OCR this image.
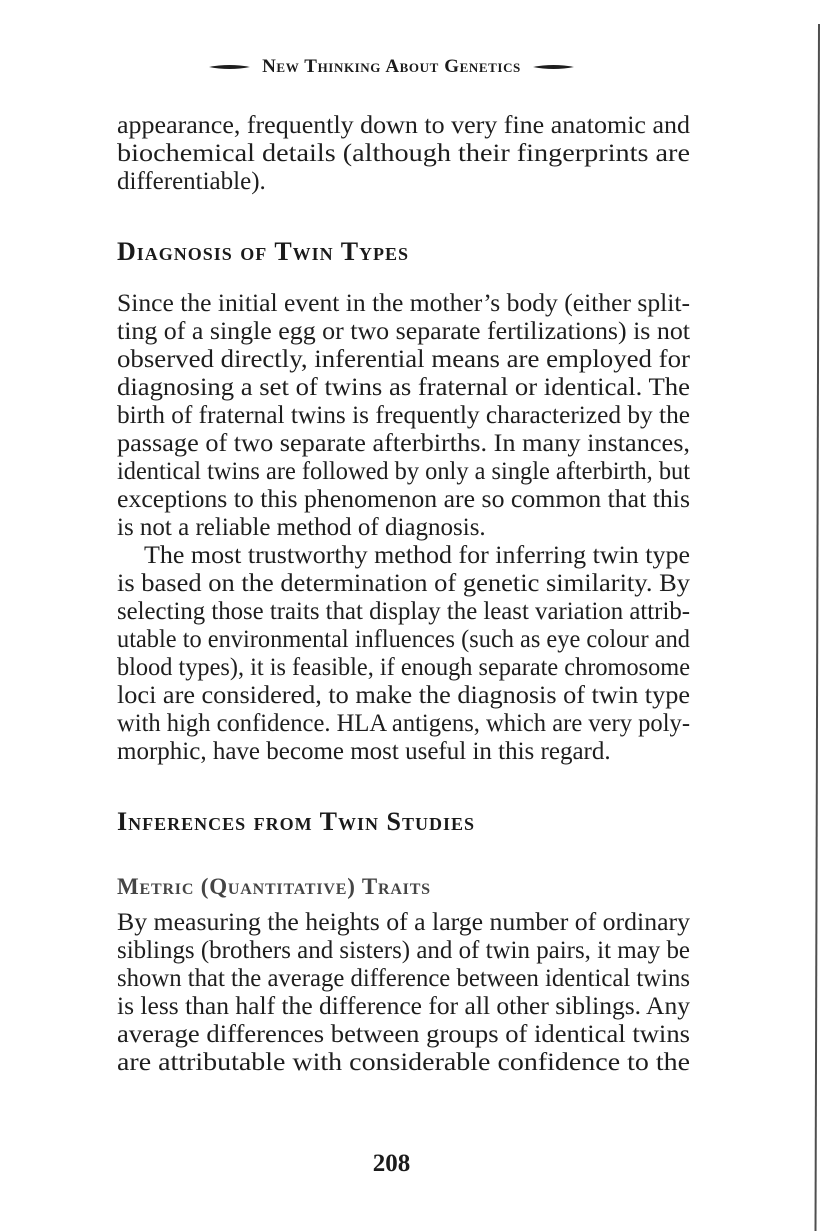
New Thinking About Genetics
appearance, frequently down to very fine anatomic and
biochemical details (although their fingerprints are
differentiable).
Diagnosis of Twin Types
Since the initial event in the mother’s body (either split-
ting of a single egg or two separate fertilizations) is not
observed directly, inferential means are employed for
diagnosing a set of twins as fraternal or identical. The
birth of fraternal twins is frequently characterized by the
passage of two separate afterbirths. In many instances,
identical twins are followed by only a single afterbirth, but
exceptions to this phenomenon are so common that this
is not a reliable method of diagnosis.
The most trustworthy method for inferring twin type
is based on the determination of genetic similarity. By
selecting those traits that display the least variation attrib-
utable to environmental influences (such as eye colour and
blood types), it is feasible, if enough separate chromosome
loci are considered, to make the diagnosis of twin type
with high confidence. HLA antigens, which are very poly-
morphic, have become most useful in this regard.
Inferences from Twin Studies
Metric (Quantitative) Traits
By measuring the heights of a large number of ordinary
siblings (brothers and sisters) and of twin pairs, it may be
shown that the average difference between identical twins
is less than half the difference for all other siblings. Any
average differences between groups of identical twins
are attributable with considerable confidence to the
208
